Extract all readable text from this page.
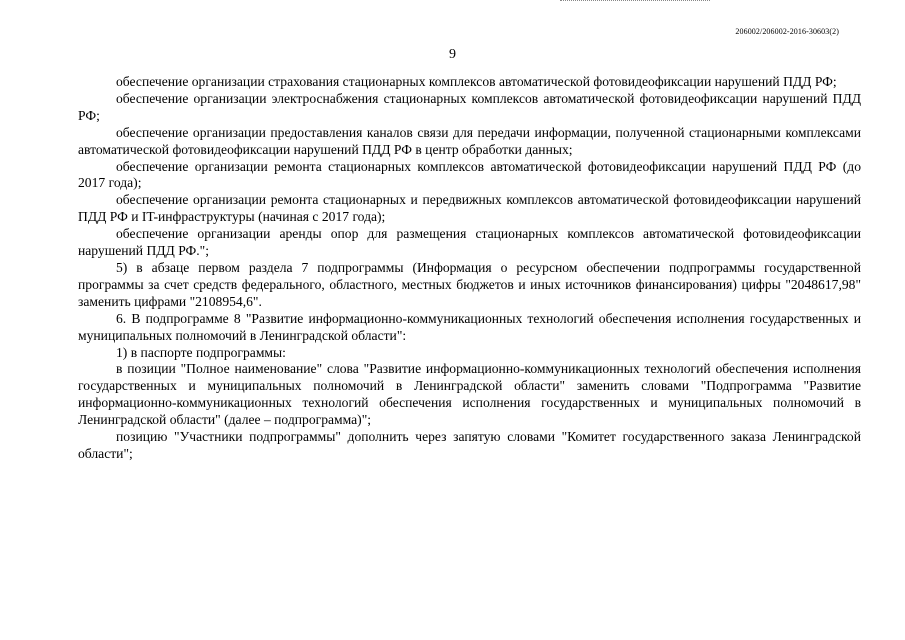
206002/206002-2016-30603(2)
9

обеспечение организации страхования стационарных комплексов автоматической фотовидеофиксации нарушений ПДД РФ;

обеспечение организации электроснабжения стационарных комплексов автоматической фотовидеофиксации нарушений ПДД РФ;

обеспечение организации предоставления каналов связи для передачи информации, полученной стационарными комплексами автоматической фотовидеофиксации нарушений ПДД РФ в центр обработки данных;

обеспечение организации ремонта стационарных комплексов автоматической фотовидеофиксации нарушений ПДД РФ (до 2017 года);

обеспечение организации ремонта стационарных и передвижных комплексов автоматической фотовидеофиксации нарушений ПДД РФ и IT-инфраструктуры (начиная с 2017 года);

обеспечение организации аренды опор для размещения стационарных комплексов автоматической фотовидеофиксации нарушений ПДД РФ.";

5) в абзаце первом раздела 7 подпрограммы (Информация о ресурсном обеспечении подпрограммы государственной программы за счет средств федерального, областного, местных бюджетов и иных источников финансирования) цифры "2048617,98" заменить цифрами "2108954,6".

6. В подпрограмме 8 "Развитие информационно-коммуникационных технологий обеспечения исполнения государственных и муниципальных полномочий в Ленинградской области":

1) в паспорте подпрограммы:

в позиции "Полное наименование" слова "Развитие информационно-коммуникационных технологий обеспечения исполнения государственных и муниципальных полномочий в Ленинградской области" заменить словами "Подпрограмма "Развитие информационно-коммуникационных технологий обеспечения исполнения государственных и муниципальных полномочий в Ленинградской области" (далее – подпрограмма)";

позицию "Участники подпрограммы" дополнить через запятую словами "Комитет государственного заказа Ленинградской области";
